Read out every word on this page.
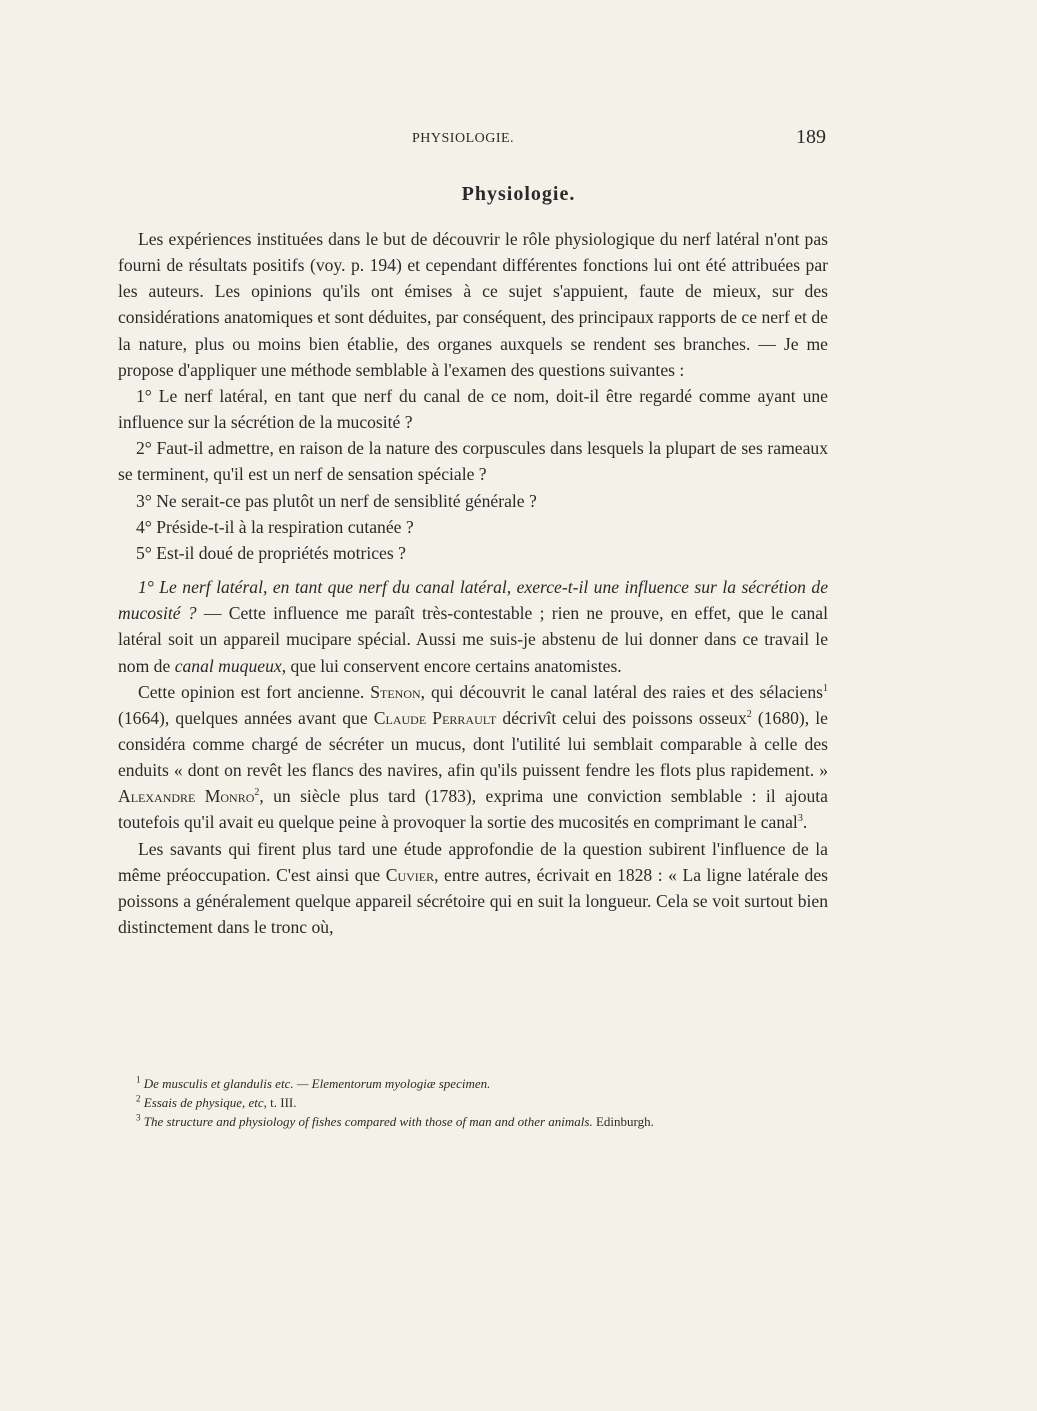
PHYSIOLOGIE.	189
Physiologie.

Les expériences instituées dans le but de découvrir le rôle physiologique du nerf latéral n'ont pas fourni de résultats positifs (voy. p. 194) et cependant différentes fonctions lui ont été attribuées par les auteurs. Les opinions qu'ils ont émises à ce sujet s'appuient, faute de mieux, sur des considérations anatomiques et sont déduites, par conséquent, des principaux rapports de ce nerf et de la nature, plus ou moins bien établie, des organes auxquels se rendent ses branches. — Je me propose d'appliquer une méthode semblable à l'examen des questions suivantes :

1° Le nerf latéral, en tant que nerf du canal de ce nom, doit-il être regardé comme ayant une influence sur la sécrétion de la mucosité ?

2° Faut-il admettre, en raison de la nature des corpuscules dans lesquels la plupart de ses rameaux se terminent, qu'il est un nerf de sensation spéciale ?

3° Ne serait-ce pas plutôt un nerf de sensiblité générale ?

4° Préside-t-il à la respiration cutanée ?

5° Est-il doué de propriétés motrices ?

1° Le nerf latéral, en tant que nerf du canal latéral, exerce-t-il une influence sur la sécrétion de mucosité ? — Cette influence me paraît très-contestable ; rien ne prouve, en effet, que le canal latéral soit un appareil mucipare spécial. Aussi me suis-je abstenu de lui donner dans ce travail le nom de canal muqueux, que lui conservent encore certains anatomistes.

Cette opinion est fort ancienne. Stenon, qui découvrit le canal latéral des raies et des sélaciens$^1$ (1664), quelques années avant que Claude Perrault décrivît celui des poissons osseux$^2$ (1680), le considéra comme chargé de sécréter un mucus, dont l'utilité lui semblait comparable à celle des enduits « dont on revêt les flancs des navires, afin qu'ils puissent fendre les flots plus rapidement. » Alexandre Monro$^2$, un siècle plus tard (1783), exprima une conviction semblable : il ajouta toutefois qu'il avait eu quelque peine à provoquer la sortie des mucosités en comprimant le canal$^3$.

Les savants qui firent plus tard une étude approfondie de la question subirent l'influence de la même préoccupation. C'est ainsi que Cuvier, entre autres, écrivait en 1828 : « La ligne latérale des poissons a généralement quelque appareil sécrétoire qui en suit la longueur. Cela se voit surtout bien distinctement dans le tronc où,

$^1$ De musculis et glandulis etc. — Elementorum myologiæ specimen.

$^2$ Essais de physique, etc, t. III.

$^3$ The structure and physiology of fishes compared with those of man and other animals. Edinburgh.
